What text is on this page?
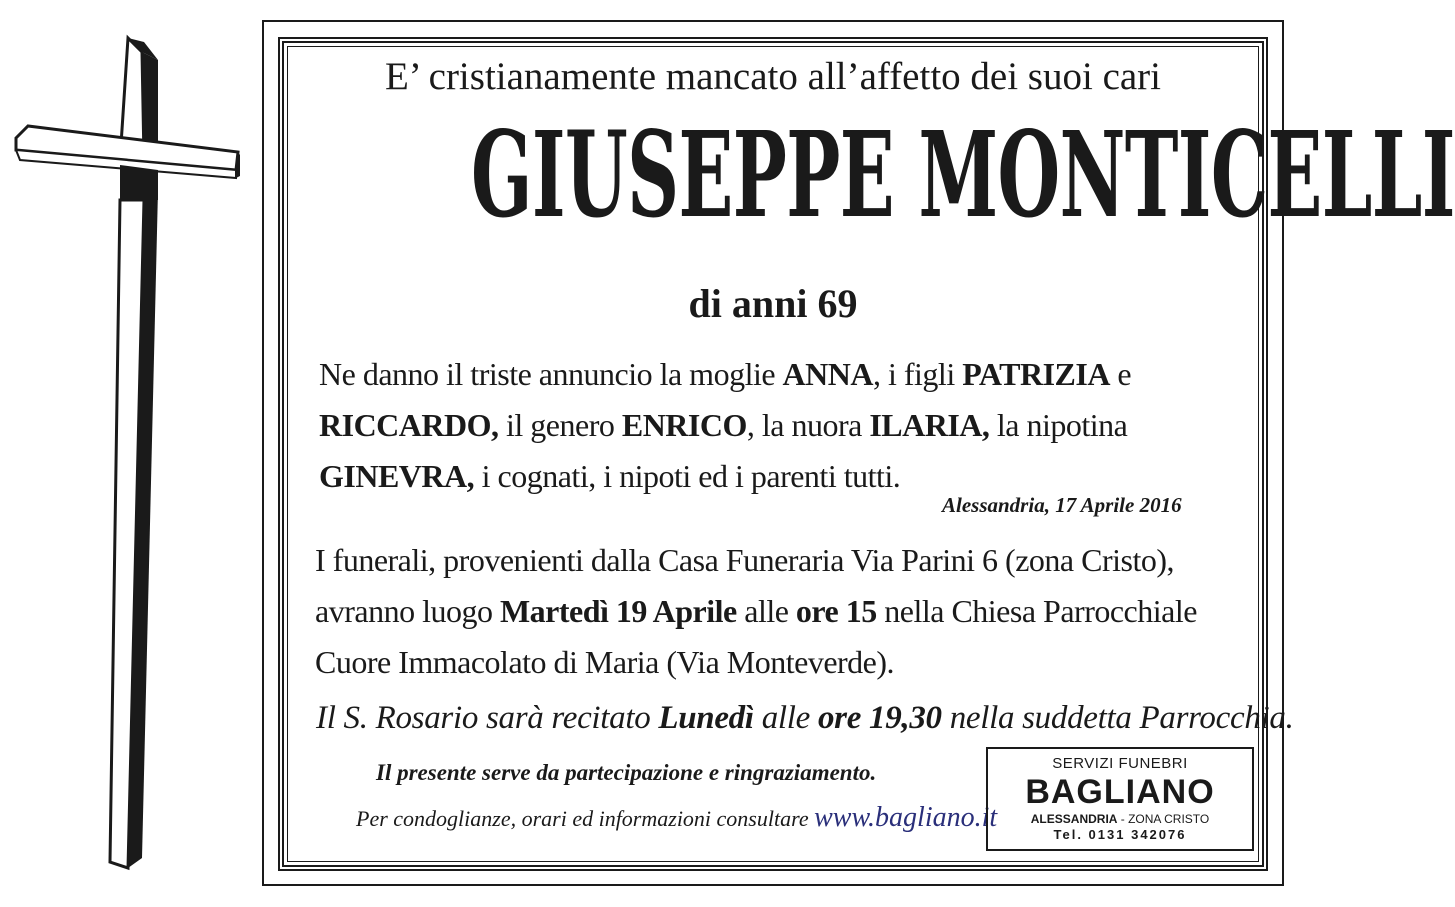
E’ cristianamente mancato all’affetto dei suoi cari
GIUSEPPE MONTICELLI
di anni 69
Ne danno il triste annuncio la moglie ANNA, i figli PATRIZIA e RICCARDO, il genero ENRICO, la nuora ILARIA, la nipotina GINEVRA, i cognati, i nipoti ed i parenti tutti.
Alessandria, 17 Aprile 2016
I funerali, provenienti dalla Casa Funeraria Via Parini 6 (zona Cristo), avranno luogo Martedì 19 Aprile alle ore 15 nella Chiesa Parrocchiale Cuore Immacolato di Maria (Via Monteverde).
Il S. Rosario sarà recitato Lunedì alle ore 19,30 nella suddetta Parrocchia.
Il presente serve da partecipazione e ringraziamento.
Per condoglianze, orari ed informazioni consultare www.bagliano.it
SERVIZI FUNEBRI
BAGLIANO
ALESSANDRIA - ZONA CRISTO
Tel. 0131 342076
